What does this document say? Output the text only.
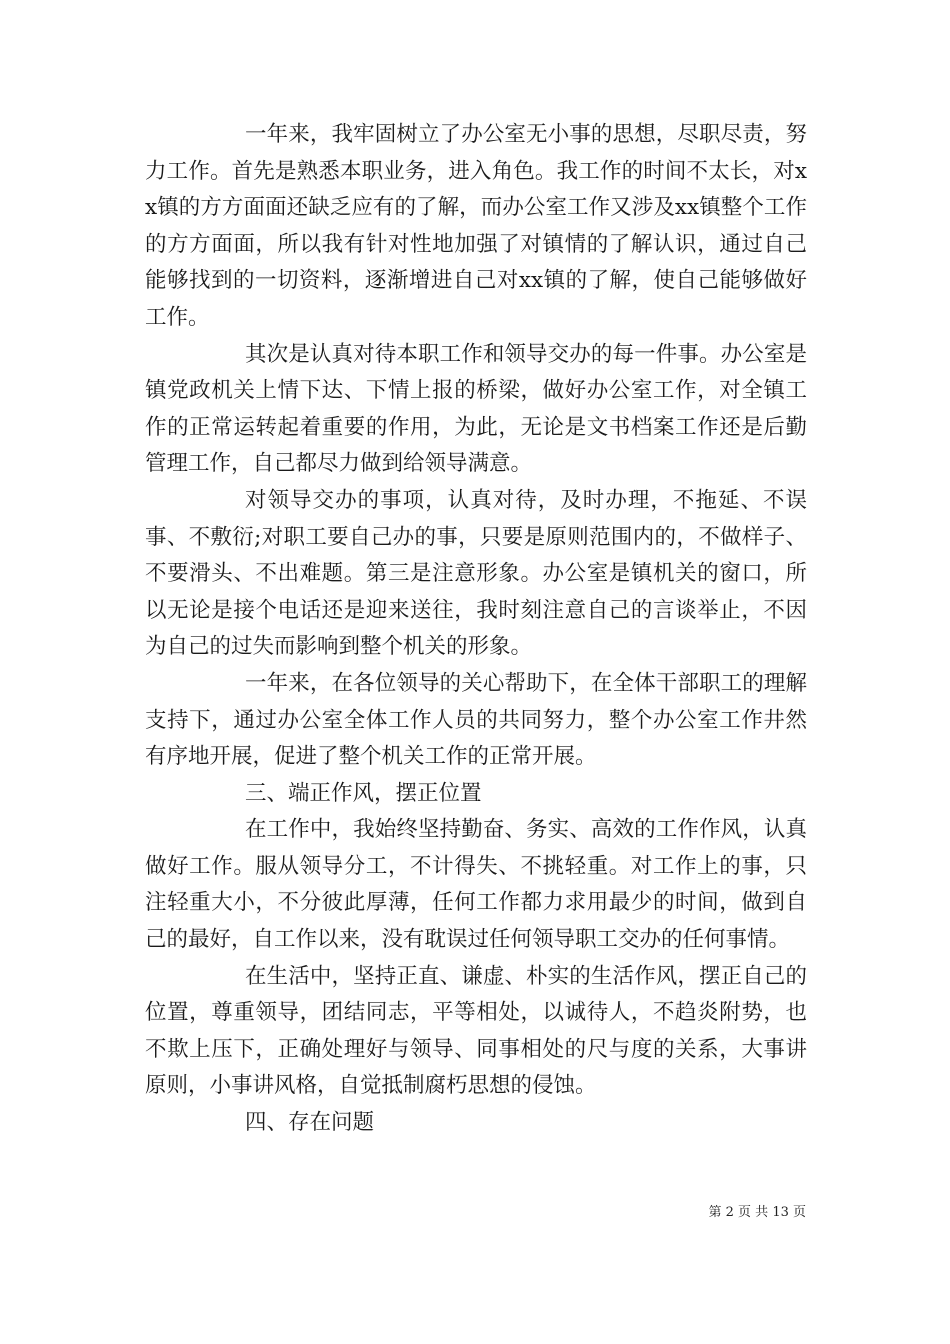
一年来，我牢固树立了办公室无小事的思想，尽职尽责，努力工作。首先是熟悉本职业务，进入角色。我工作的时间不太长，对xx镇的方方面面还缺乏应有的了解，而办公室工作又涉及xx镇整个工作的方方面面，所以我有针对性地加强了对镇情的了解认识，通过自己能够找到的一切资料，逐渐增进自己对xx镇的了解，使自己能够做好工作。

其次是认真对待本职工作和领导交办的每一件事。办公室是镇党政机关上情下达、下情上报的桥梁，做好办公室工作，对全镇工作的正常运转起着重要的作用，为此，无论是文书档案工作还是后勤管理工作，自己都尽力做到给领导满意。

对领导交办的事项，认真对待，及时办理，不拖延、不误事、不敷衍;对职工要自己办的事，只要是原则范围内的，不做样子、不要滑头、不出难题。第三是注意形象。办公室是镇机关的窗口，所以无论是接个电话还是迎来送往，我时刻注意自己的言谈举止，不因为自己的过失而影响到整个机关的形象。

一年来，在各位领导的关心帮助下，在全体干部职工的理解支持下，通过办公室全体工作人员的共同努力，整个办公室工作井然有序地开展，促进了整个机关工作的正常开展。

三、端正作风，摆正位置

在工作中，我始终坚持勤奋、务实、高效的工作作风，认真做好工作。服从领导分工，不计得失、不挑轻重。对工作上的事，只注轻重大小，不分彼此厚薄，任何工作都力求用最少的时间，做到自己的最好，自工作以来，没有耽误过任何领导职工交办的任何事情。

在生活中，坚持正直、谦虚、朴实的生活作风，摆正自己的位置，尊重领导，团结同志，平等相处，以诚待人，不趋炎附势，也不欺上压下，正确处理好与领导、同事相处的尺与度的关系，大事讲原则，小事讲风格，自觉抵制腐朽思想的侵蚀。

四、存在问题

第 2 页 共 13 页
